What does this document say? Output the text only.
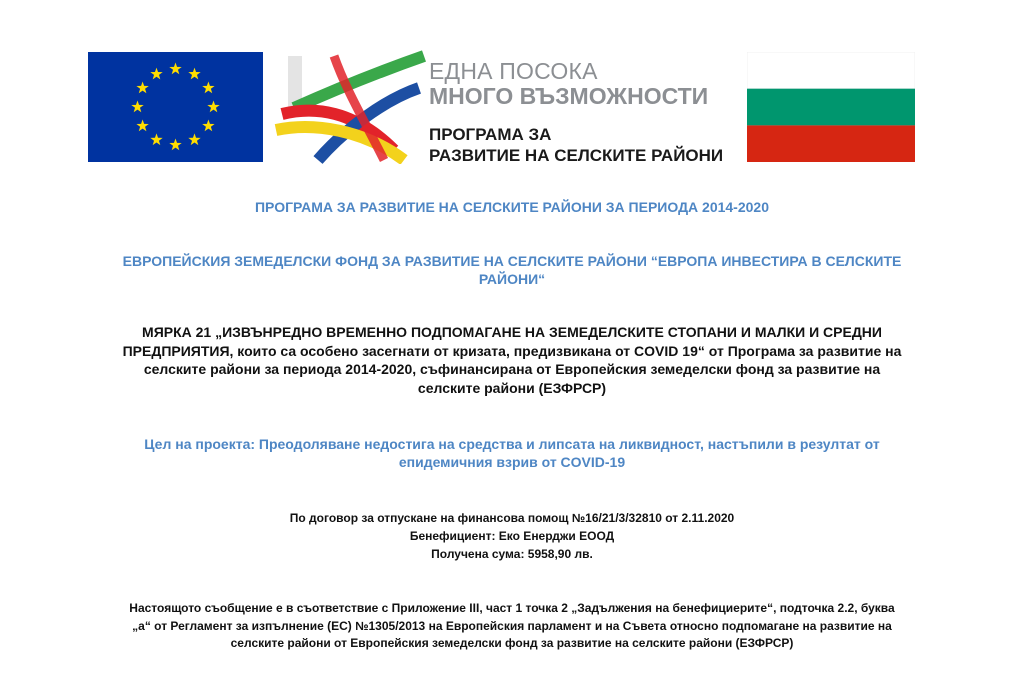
ЕДНА ПОСОКА
МНОГО ВЪЗМОЖНОСТИ
ПРОГРАМА ЗА
РАЗВИТИЕ НА СЕЛСКИТЕ РАЙОНИ
ПРОГРАМА ЗА РАЗВИТИЕ НА СЕЛСКИТЕ РАЙОНИ ЗА ПЕРИОДА 2014-2020
ЕВРОПЕЙСКИЯ ЗЕМЕДЕЛСКИ ФОНД ЗА РАЗВИТИЕ НА СЕЛСКИТЕ РАЙОНИ “ЕВРОПА ИНВЕСТИРА В СЕЛСКИТЕ
РАЙОНИ“
МЯРКА 21 „ИЗВЪНРЕДНО ВРЕМЕННО ПОДПОМАГАНЕ НА ЗЕМЕДЕЛСКИТЕ СТОПАНИ И МАЛКИ И СРЕДНИ
ПРЕДПРИЯТИЯ, които са особено засегнати от кризата, предизвикана от COVID 19“ от Програма за развитие на
селските райони за периода 2014-2020, съфинансирана от Европейския земеделски фонд за развитие на
селските райони (ЕЗФРСР)
Цел на проекта: Преодоляване недостига на средства и липсата на ликвидност, настъпили в резултат от
епидемичния взрив от COVID-19
По договор за отпускане на финансова помощ №16/21/3/32810 от 2.11.2020
Бенефициент: Еко Енерджи ЕООД
Получена сума: 5958,90 лв.
Настоящото съобщение е в съответствие с Приложение III, част 1 точка 2 „Задължения на бенефициерите“, подточка 2.2, буква
„а“ от Регламент за изпълнение (ЕС) №1305/2013 на Европейския парламент и на Съвета относно подпомагане на развитие на
селските райони от Европейския земеделски фонд за развитие на селските райони (ЕЗФРСР)
